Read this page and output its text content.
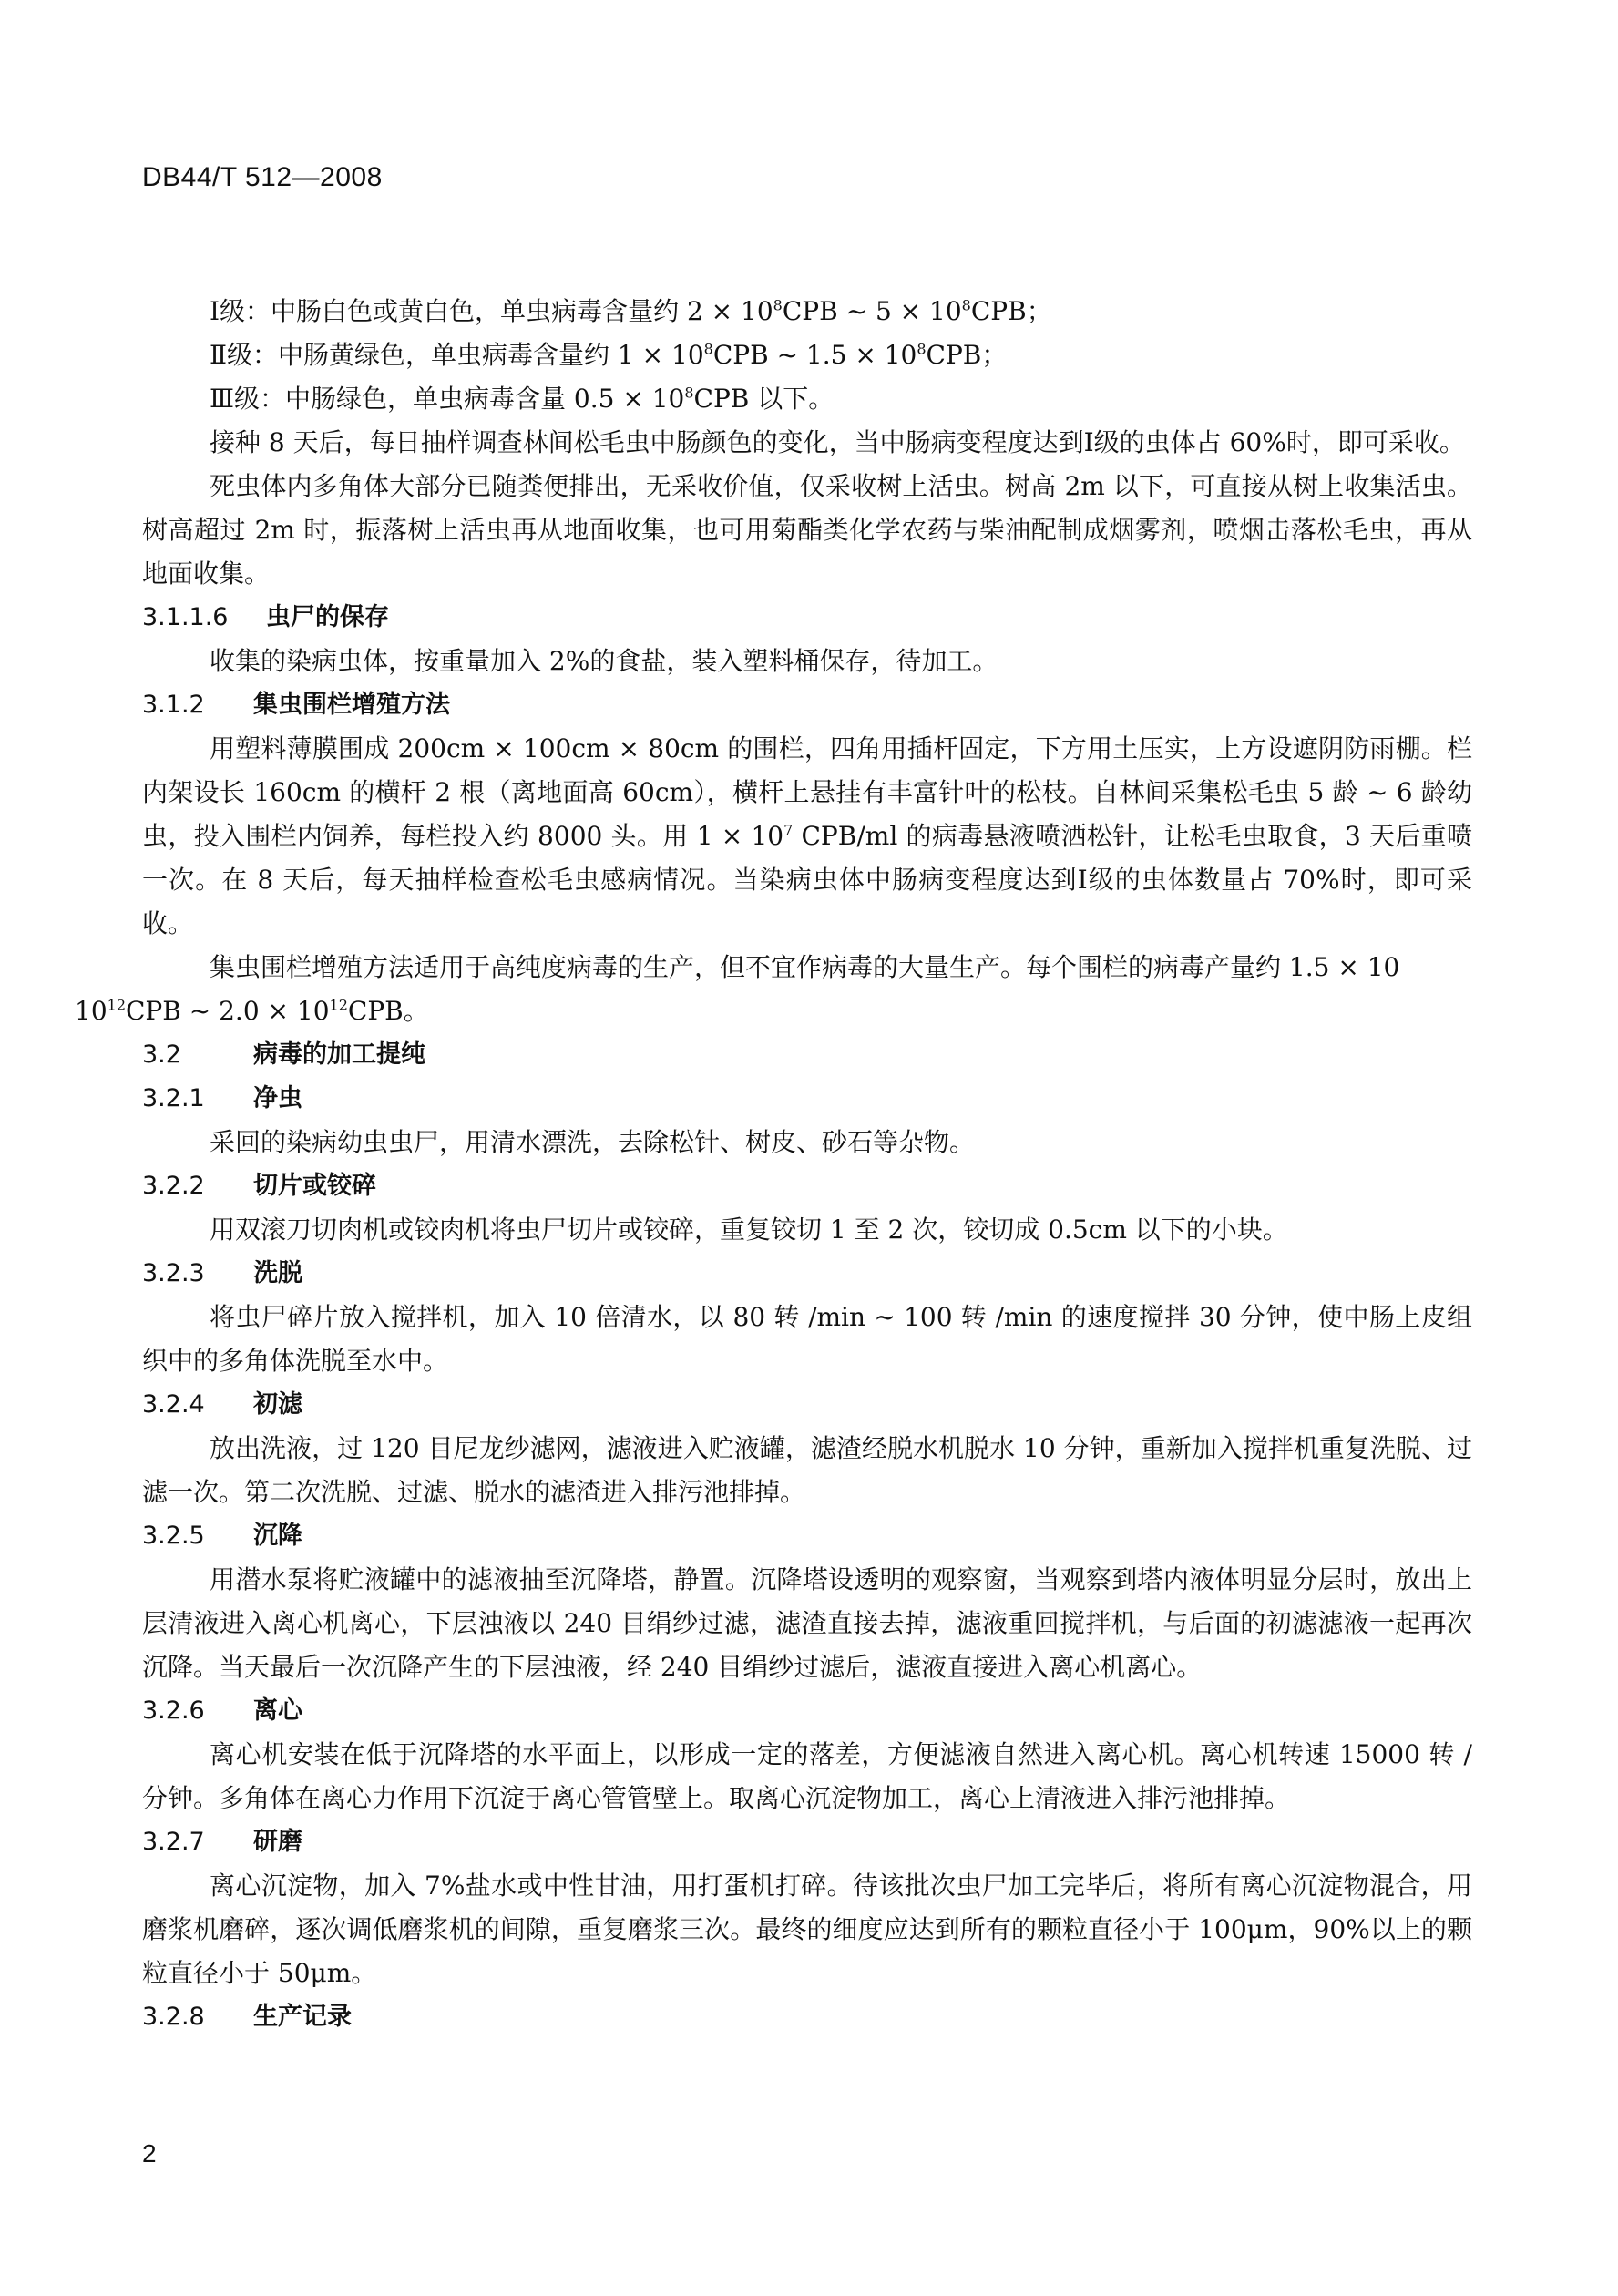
DB44/T 512—2008

Ⅰ级：中肠白色或黄白色，单虫病毒含量约 $2 \times 10^8CPB$ ~ $5 \times 10^8CPB$；

Ⅱ级：中肠黄绿色，单虫病毒含量约 $1 \times 10^8CPB$ ~ $1.5 \times 10^8CPB$；

Ⅲ级：中肠绿色，单虫病毒含量 $0.5 \times 10^8CPB$ 以下。

接种 8 天后，每日抽样调查林间松毛虫中肠颜色的变化，当中肠病变程度达到Ⅰ级的虫体占 60%时，即可采收。

死虫体内多角体大部分已随粪便排出，无采收价值，仅采收树上活虫。树高 2m 以下，可直接从树上收集活虫。树高超过 2m 时，振落树上活虫再从地面收集，也可用菊酯类化学农药与柴油配制成烟雾剂，喷烟击落松毛虫，再从地面收集。

3.1.1.6 虫尸的保存

收集的染病虫体，按重量加入 2%的食盐，装入塑料桶保存，待加工。

3.1.2 集虫围栏增殖方法

用塑料薄膜围成 200cm × 100cm × 80cm 的围栏，四角用插杆固定，下方用土压实，上方设遮阴防雨棚。栏内架设长 160cm 的横杆 2 根（离地面高 60cm），横杆上悬挂有丰富针叶的松枝。自林间采集松毛虫 5 龄 ~ 6 龄幼虫，投入围栏内饲养，每栏投入约 8000 头。用 $1 \times 10^7$ CPB/ml 的病毒悬液喷洒松针，让松毛虫取食，3 天后重喷一次。在 8 天后，每天抽样检查松毛虫感病情况。当染病虫体中肠病变程度达到Ⅰ级的虫体数量占 70%时，即可采收。

集虫围栏增殖方法适用于高纯度病毒的生产，但不宜作病毒的大量生产。每个围栏的病毒产量约 1.5 × 10
$10^{12}CPB$ ~ $2.0 \times 10^{12}CPB$。

3.2	病毒的加工提纯
3.2.1 净虫

采回的染病幼虫虫尸，用清水漂洗，去除松针、树皮、砂石等杂物。

3.2.2 切片或铰碎

用双滚刀切肉机或铰肉机将虫尸切片或铰碎，重复铰切 1 至 2 次，铰切成 0.5cm 以下的小块。

3.2.3 洗脱

将虫尸碎片放入搅拌机，加入 10 倍清水，以 80 转 /min ~ 100 转 /min 的速度搅拌 30 分钟，使中肠上皮组织中的多角体洗脱至水中。

3.2.4 初滤

放出洗液，过 120 目尼龙纱滤网，滤液进入贮液罐，滤渣经脱水机脱水 10 分钟，重新加入搅拌机重复洗脱、过滤一次。第二次洗脱、过滤、脱水的滤渣进入排污池排掉。

3.2.5 沉降

用潜水泵将贮液罐中的滤液抽至沉降塔，静置。沉降塔设透明的观察窗，当观察到塔内液体明显分层时，放出上层清液进入离心机离心，下层浊液以 240 目绢纱过滤，滤渣直接去掉，滤液重回搅拌机，与后面的初滤滤液一起再次沉降。当天最后一次沉降产生的下层浊液，经 240 目绢纱过滤后，滤液直接进入离心机离心。

3.2.6 离心

离心机安装在低于沉降塔的水平面上，以形成一定的落差，方便滤液自然进入离心机。离心机转速 15000 转 / 分钟。多角体在离心力作用下沉淀于离心管管壁上。取离心沉淀物加工，离心上清液进入排污池排掉。

3.2.7 研磨

离心沉淀物，加入 7%盐水或中性甘油，用打蛋机打碎。待该批次虫尸加工完毕后，将所有离心沉淀物混合，用磨浆机磨碎，逐次调低磨浆机的间隙，重复磨浆三次。最终的细度应达到所有的颗粒直径小于 100μm，90%以上的颗粒直径小于 50μm。

3.2.8 生产记录
2
